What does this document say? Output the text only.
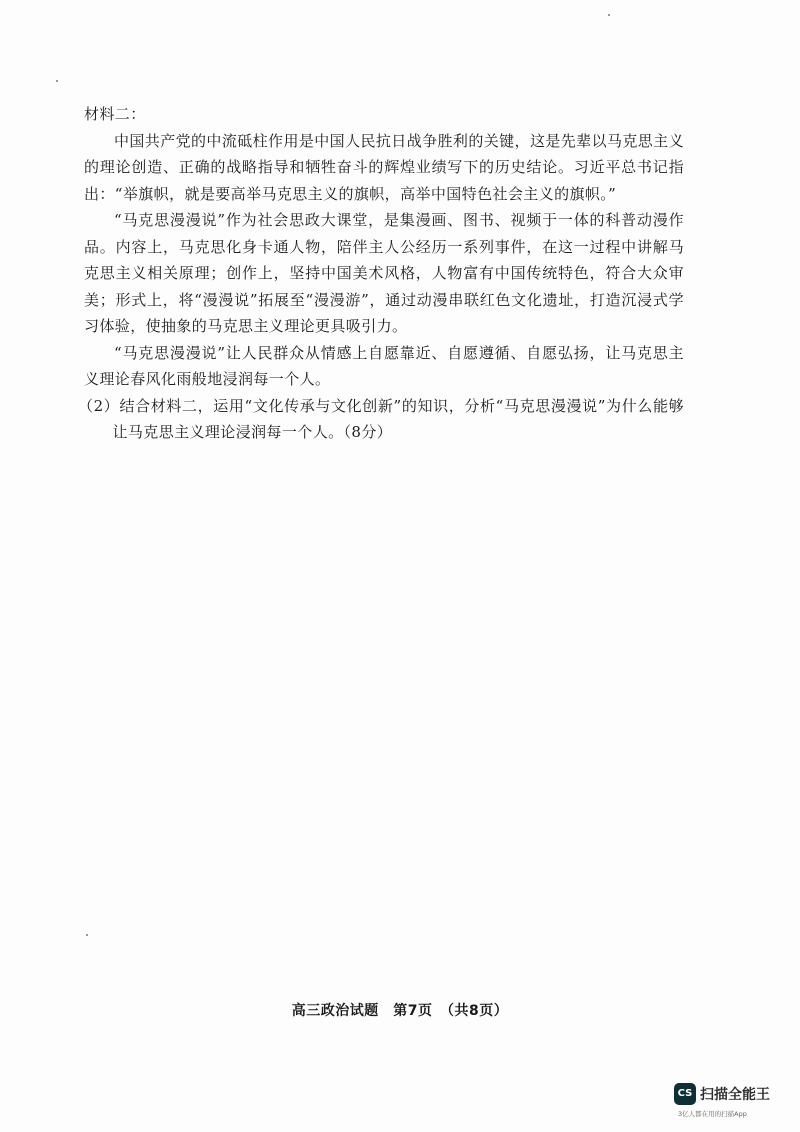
材料二：

中国共产党的中流砥柱作用是中国人民抗日战争胜利的关键，这是先辈以马克思主义的理论创造、正确的战略指导和牺牲奋斗的辉煌业绩写下的历史结论。习近平总书记指出：“举旗帜，就是要高举马克思主义的旗帜，高举中国特色社会主义的旗帜。”

“马克思漫漫说”作为社会思政大课堂，是集漫画、图书、视频于一体的科普动漫作品。内容上，马克思化身卡通人物，陪伴主人公经历一系列事件，在这一过程中讲解马克思主义相关原理；创作上，坚持中国美术风格，人物富有中国传统特色，符合大众审美；形式上，将“漫漫说”拓展至“漫漫游”，通过动漫串联红色文化遗址，打造沉浸式学习体验，使抽象的马克思主义理论更具吸引力。

“马克思漫漫说”让人民群众从情感上自愿靠近、自愿遵循、自愿弘扬，让马克思主义理论春风化雨般地浸润每一个人。

（2）结合材料二，运用“文化传承与文化创新”的知识，分析“马克思漫漫说”为什么能够让马克思主义理论浸润每一个人。（8分）

高三政治试题　第7页　（共8页）
CS 扫描全能王
3亿人都在用的扫描App
